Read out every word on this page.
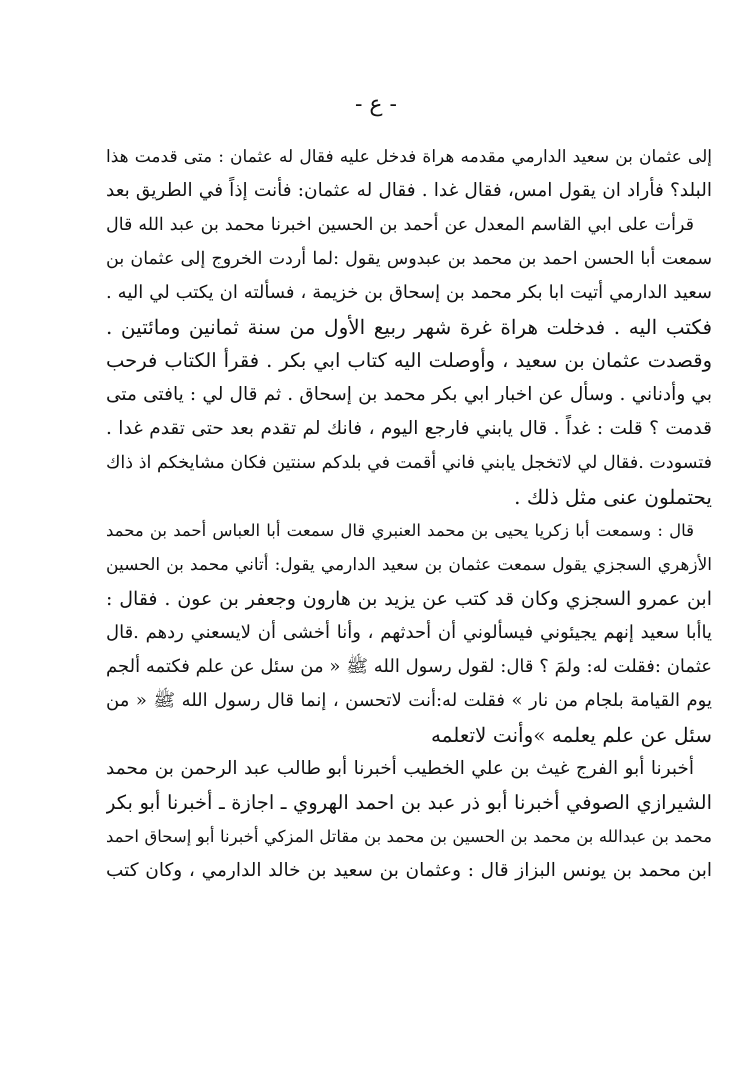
- ع -
إلى عثمان بن سعيد الدارمي مقدمه هراة فدخل عليه فقال له عثمان : متى قدمت هذا
البلد؟ فأراد ان يقول امس، فقال غدا . فقال له عثمان: فأنت إذاً في الطريق بعد
قرأت على ابي القاسم المعدل عن أحمد بن الحسين اخبرنا محمد بن عبد الله قال
سمعت أبا الحسن احمد بن محمد بن عبدوس يقول :لما أردت الخروج إلى عثمان بن
سعيد الدارمي أتيت ابا بكر محمد بن إسحاق بن خزيمة ، فسألته ان يكتب لي اليه .
فكتب اليه . فدخلت هراة غرة شهر ربيع الأول من سنة ثمانين ومائتين .
وقصدت عثمان بن سعيد ، وأوصلت اليه كتاب ابي بكر . فقرأ الكتاب فرحب
بي وأدناني . وسأل عن اخبار ابي بكر محمد بن إسحاق . ثم قال لي : يافتى متى
قدمت ؟ قلت : غداً . قال يابني فارجع اليوم ، فانك لم تقدم بعد حتى تقدم غدا .
فتسودت .فقال لي لاتخجل يابني فاني أقمت في بلدكم سنتين فكان مشايخكم اذ ذاك
يحتملون عنى مثل ذلك .
قال : وسمعت أبا زكريا يحيى بن محمد العنبري قال سمعت أبا العباس أحمد بن محمد
الأزهري السجزي يقول سمعت عثمان بن سعيد الدارمي يقول: أتاني محمد بن الحسين
ابن عمرو السجزي وكان قد كتب عن يزيد بن هارون وجعفر بن عون . فقال :
ياأبا سعيد إنهم يجيئوني فيسألوني أن أحدثهم ، وأنا أخشى أن لايسعني ردهم .قال
عثمان :فقلت له: ولمَ ؟ قال: لقول رسول الله ﷺ « من سئل عن علم فكتمه ألجم
يوم القيامة بلجام من نار » فقلت له:أنت لاتحسن ، إنما قال رسول الله ﷺ « من
سئل عن علم يعلمه »وأنت لاتعلمه
أخبرنا أبو الفرج غيث بن علي الخطيب أخبرنا أبو طالب عبد الرحمن بن محمد
الشيرازي الصوفي أخبرنا أبو ذر عبد بن احمد الهروي ـ اجازة ـ أخبرنا أبو بكر
محمد بن عبدالله بن محمد بن الحسين بن محمد بن مقاتل المزكي أخبرنا أبو إسحاق احمد
ابن محمد بن يونس البزاز قال : وعثمان بن سعيد بن خالد الدارمي ، وكان كتب
